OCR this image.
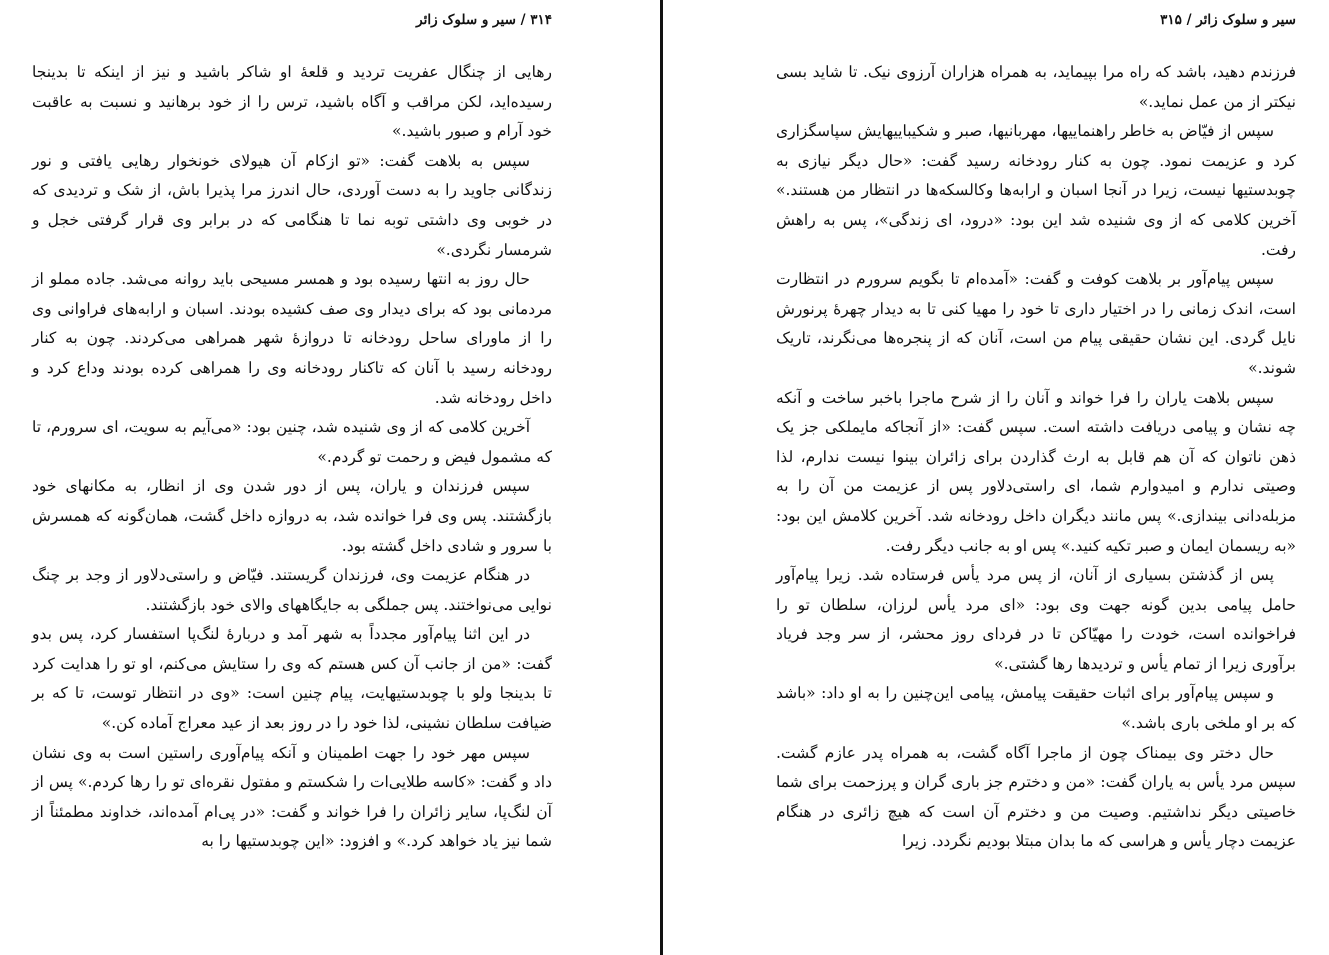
۳۱۴ / سیر و سلوک زائر

رهایی از چنگال عفریت تردید و قلعهٔ او شاکر باشید و نیز از اینکه تا بدینجا رسیده‌اید، لکن مراقب و آگاه باشید، ترس را از خود برهانید و نسبت به عاقبت خود آرام و صبور باشید.»

سپس به بلاهت گفت: «تو ازکام آن هیولای خونخوار رهایی یافتی و نور زندگانی جاوید را به دست آوردی، حال اندرز مرا پذیرا باش، از شک و تردیدی که در خوبی وی داشتی توبه نما تا هنگامی که در برابر وی قرار گرفتی خجل و شرمسار نگردی.»

حال روز به انتها رسیده بود و همسر مسیحی باید روانه می‌شد. جاده مملو از مردمانی بود که برای دیدار وی صف کشیده بودند. اسبان و ارابه‌های فراوانی وی را از ماورای ساحل رودخانه تا دروازهٔ شهر همراهی می‌کردند. چون به کنار رودخانه رسید با آنان که تاکنار رودخانه وی را همراهی کرده بودند وداع کرد و داخل رودخانه شد.

آخرین کلامی که از وی شنیده شد، چنین بود: «می‌آیم به سویت، ای سرورم، تا که مشمول فیض و رحمت تو گردم.»

سپس فرزندان و یاران، پس از دور شدن وی از انظار، به مکانهای خود بازگشتند. پس وی فرا خوانده شد، به دروازه داخل گشت، همان‌گونه که همسرش با سرور و شادی داخل گشته بود.

در هنگام عزیمت وی، فرزندان گریستند. فیّاض و راستی‌دلاور از وجد بر چنگ نوایی می‌نواختند. پس جملگی به جایگاههای والای خود بازگشتند.

در این اثنا پیام‌آور مجدداً به شهر آمد و دربارهٔ لنگ‌پا استفسار کرد، پس بدو گفت: «من از جانب آن کس هستم که وی را ستایش می‌کنم، او تو را هدایت کرد تا بدینجا ولو با چوبدستیهایت، پیام چنین است: «وی در انتظار توست، تا که بر ضیافت سلطان نشینی، لذا خود را در روز بعد از عید معراج آماده کن.»

سپس مهر خود را جهت اطمینان و آنکه پیام‌آوری راستین است به وی نشان داد و گفت: «کاسه طلایی‌ات را شکستم و مفتول نقره‌ای تو را رها کردم.» پس از آن لنگ‌پا، سایر زائران را فرا خواند و گفت: «در پی‌ام آمده‌اند، خداوند مطمئناً از شما نیز یاد خواهد کرد.» و افزود: «این چوبدستیها را به

سیر و سلوک زائر / ۳۱۵

فرزندم دهید، باشد که راه مرا بپیماید، به همراه هزاران آرزوی نیک. تا شاید بسی نیکتر از من عمل نماید.»

سپس از فیّاض به خاطر راهنماییها، مهربانیها، صبر و شکیباییهایش سپاسگزاری کرد و عزیمت نمود. چون به کنار رودخانه رسید گفت: «حال دیگر نیازی به چوبدستیها نیست، زیرا در آنجا اسبان و ارابه‌ها وکالسکه‌ها در انتظار من هستند.» آخرین کلامی که از وی شنیده شد این بود: «درود، ای زندگی»، پس به راهش رفت.

سپس پیام‌آور بر بلاهت کوفت و گفت: «آمده‌ام تا بگویم سرورم در انتظارت است، اندک زمانی را در اختیار داری تا خود را مهیا کنی تا به دیدار چهرهٔ پرنورش نایل گردی. این نشان حقیقی پیام من است، آنان که از پنجره‌ها می‌نگرند، تاریک شوند.»

سپس بلاهت یاران را فرا خواند و آنان را از شرح ماجرا باخبر ساخت و آنکه چه نشان و پیامی دریافت داشته است. سپس گفت: «از آنجاکه مایملکی جز یک ذهن ناتوان که آن هم قابل به ارث گذاردن برای زائران بینوا نیست ندارم، لذا وصیتی ندارم و امیدوارم شما، ای راستی‌دلاور پس از عزیمت من آن را به مزبله‌دانی بیندازی.» پس مانند دیگران داخل رودخانه شد. آخرین کلامش این بود: «به ریسمان ایمان و صبر تکیه کنید.» پس او به جانب دیگر رفت.

پس از گذشتن بسیاری از آنان، از پس مرد یأس فرستاده شد. زیرا پیام‌آور حامل پیامی بدین گونه جهت وی بود: «ای مرد یأس لرزان، سلطان تو را فراخوانده است، خودت را مهیّاکن تا در فردای روز محشر، از سر وجد فریاد برآوری زیرا از تمام یأس و تردیدها رها گشتی.»

و سپس پیام‌آور برای اثبات حقیقت پیامش، پیامی این‌چنین را به او داد: «باشد که بر او ملخی باری باشد.»

حال دختر وی بیمناک چون از ماجرا آگاه گشت، به همراه پدر عازم گشت. سپس مرد یأس به یاران گفت: «من و دخترم جز باری گران و پرزحمت برای شما خاصیتی دیگر نداشتیم. وصیت من و دخترم آن است که هیچ زائری در هنگام عزیمت دچار یأس و هراسی که ما بدان مبتلا بودیم نگردد. زیرا
